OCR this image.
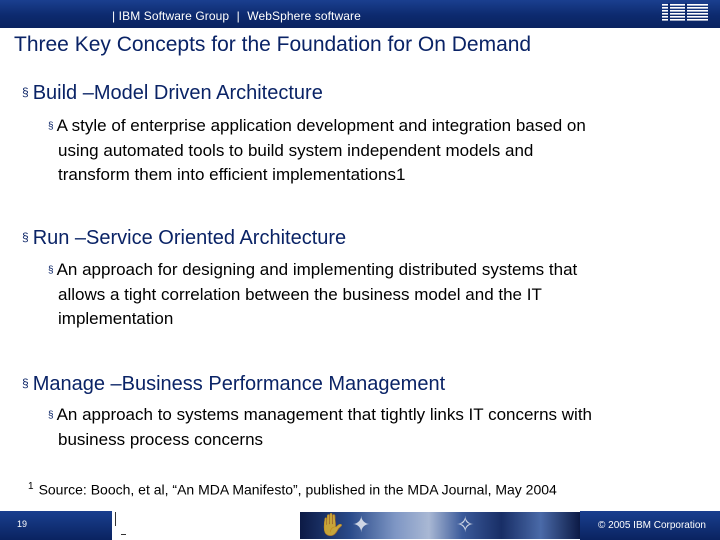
| IBM Software Group | WebSphere software
Three Key Concepts for the Foundation for On Demand
§ Build –Model Driven Architecture
§ A style of enterprise application development and integration based on
using automated tools to build system independent models and
transform them into efficient implementations1
§ Run –Service Oriented Architecture
§ An approach for designing and implementing distributed systems that
allows a tight correlation between the business model and the IT
implementation
§ Manage –Business Performance Management
§ An approach to systems management that tightly links IT concerns with
business process concerns
$^1$ Source: Booch, et al, “An MDA Manifesto”, published in the MDA Journal, May 2004
19	✋ ✦	✧	© 2005 IBM Corporation
